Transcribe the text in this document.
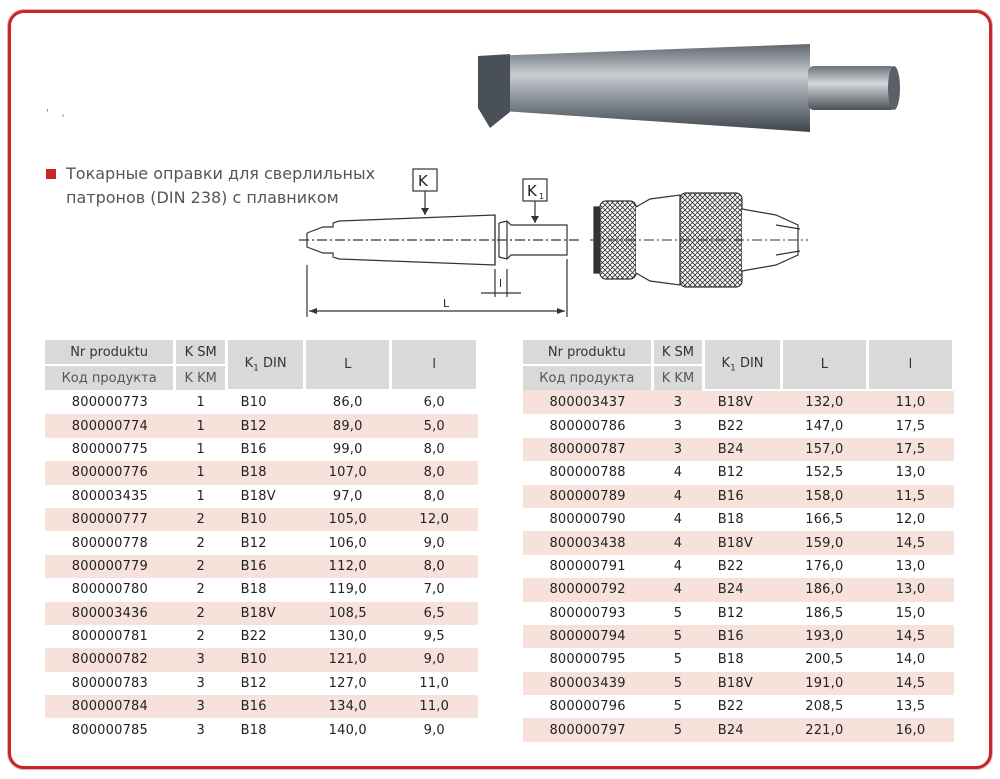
'    ,
Токарные оправки для сверлильных патронов (DIN 238) с плавником
K
K 1
L
l
Nr produktu	K SM	$K_1$ DIN	L	l
Код продукта	K KM			
800000773	1	B10	86,0	6,0
800000774	1	B12	89,0	5,0
800000775	1	B16	99,0	8,0
800000776	1	B18	107,0	8,0
800003435	1	B18V	97,0	8,0
800000777	2	B10	105,0	12,0
800000778	2	B12	106,0	9,0
800000779	2	B16	112,0	8,0
800000780	2	B18	119,0	7,0
800003436	2	B18V	108,5	6,5
800000781	2	B22	130,0	9,5
800000782	3	B10	121,0	9,0
800000783	3	B12	127,0	11,0
800000784	3	B16	134,0	11,0
800000785	3	B18	140,0	9,0
Nr produktu	K SM	$K_1$ DIN	L	l
Код продукта	K KM			
800003437	3	B18V	132,0	11,0
800000786	3	B22	147,0	17,5
800000787	3	B24	157,0	17,5
800000788	4	B12	152,5	13,0
800000789	4	B16	158,0	11,5
800000790	4	B18	166,5	12,0
800003438	4	B18V	159,0	14,5
800000791	4	B22	176,0	13,0
800000792	4	B24	186,0	13,0
800000793	5	B12	186,5	15,0
800000794	5	B16	193,0	14,5
800000795	5	B18	200,5	14,0
800003439	5	B18V	191,0	14,5
800000796	5	B22	208,5	13,5
800000797	5	B24	221,0	16,0
